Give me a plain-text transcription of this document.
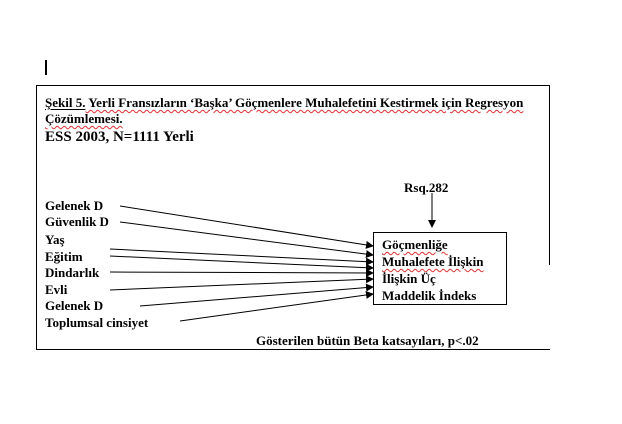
Şekil 5. Yerli Fransızların ‘Başka’ Göçmenlere Muhalefetini Kestirmek için Regresyon Çözümlemesi.
ESS 2003, N=1111 Yerli
Rsq.282
Gelenek D
Güvenlik D
Yaş
Eğitim
Dindarlık
Evli
Gelenek D
Toplumsal cinsiyet
Göçmenliğe
Muhalefete İlişkin
İlişkin Üç
Maddelik İndeks
Gösterilen bütün Beta katsayıları, p<.02
